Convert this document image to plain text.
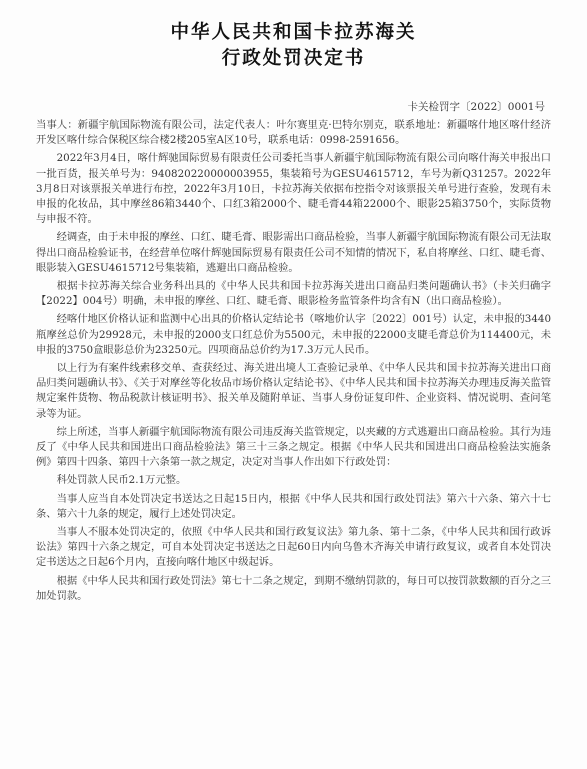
中华人民共和国卡拉苏海关
行政处罚决定书
卡关检罚字〔2022〕0001号

当事人：新疆宇航国际物流有限公司，法定代表人：叶尔赛里克·巴特尔别克，联系地址：新疆喀什地区喀什经济开发区喀什综合保税区综合楼2楼205室A区10号，联系电话：0998-2591656。

2022年3月4日，喀什辉驰国际贸易有限责任公司委托当事人新疆宇航国际物流有限公司向喀什海关申报出口一批百货，报关单号为：940820220000003955，集装箱号为GESU4615712，车号为新Q31257。2022年3月8日对该票报关单进行布控，2022年3月10日，卡拉苏海关依据布控指令对该票报关单号进行查验，发现有未申报的化妆品，其中摩丝86箱3440个、口红3箱2000个、睫毛膏44箱22000个、眼影25箱3750个，实际货物与申报不符。

经调查，由于未申报的摩丝、口红、睫毛膏、眼影需出口商品检验，当事人新疆宇航国际物流有限公司无法取得出口商品检验证书，在经营单位喀什辉驰国际贸易有限责任公司不知情的情况下，私自将摩丝、口红、睫毛膏、眼影装入GESU4615712号集装箱，逃避出口商品检验。

根据卡拉苏海关综合业务科出具的《中华人民共和国卡拉苏海关进出口商品归类问题确认书》（卡关归确字【2022】004号）明确，未申报的摩丝、口红、睫毛膏、眼影检务监管条件均含有N（出口商品检验）。

经喀什地区价格认证和监测中心出具的价格认定结论书（喀地价认字〔2022〕001号）认定，未申报的3440瓶摩丝总价为29928元，未申报的2000支口红总价为5500元，未申报的22000支睫毛膏总价为114400元，未申报的3750盒眼影总价为23250元。四项商品总价约为17.3万元人民币。

以上行为有案件线索移交单、查获经过、海关进出境人工查验记录单、《中华人民共和国卡拉苏海关进出口商品归类问题确认书》、《关于对摩丝等化妆品市场价格认定结论书》、《中华人民共和国卡拉苏海关办理违反海关监管规定案件货物、物品税款计核证明书》、报关单及随附单证、当事人身份证复印件、企业资料、情况说明、查问笔录等为证。

综上所述，当事人新疆宇航国际物流有限公司违反海关监管规定，以夹藏的方式逃避出口商品检验。其行为违反了《中华人民共和国进出口商品检验法》第三十三条之规定。根据《中华人民共和国进出口商品检验法实施条例》第四十四条、第四十六条第一款之规定，决定对当事人作出如下行政处罚：

科处罚款人民币2.1万元整。

当事人应当自本处罚决定书送达之日起15日内，根据《中华人民共和国行政处罚法》第六十六条、第六十七条、第六十九条的规定，履行上述处罚决定。

当事人不服本处罚决定的，依照《中华人民共和国行政复议法》第九条、第十二条，《中华人民共和国行政诉讼法》第四十六条之规定，可自本处罚决定书送达之日起60日内向乌鲁木齐海关申请行政复议，或者自本处罚决定书送达之日起6个月内，直接向喀什地区中级起诉。

根据《中华人民共和国行政处罚法》第七十二条之规定，到期不缴纳罚款的，每日可以按罚款数额的百分之三加处罚款。
